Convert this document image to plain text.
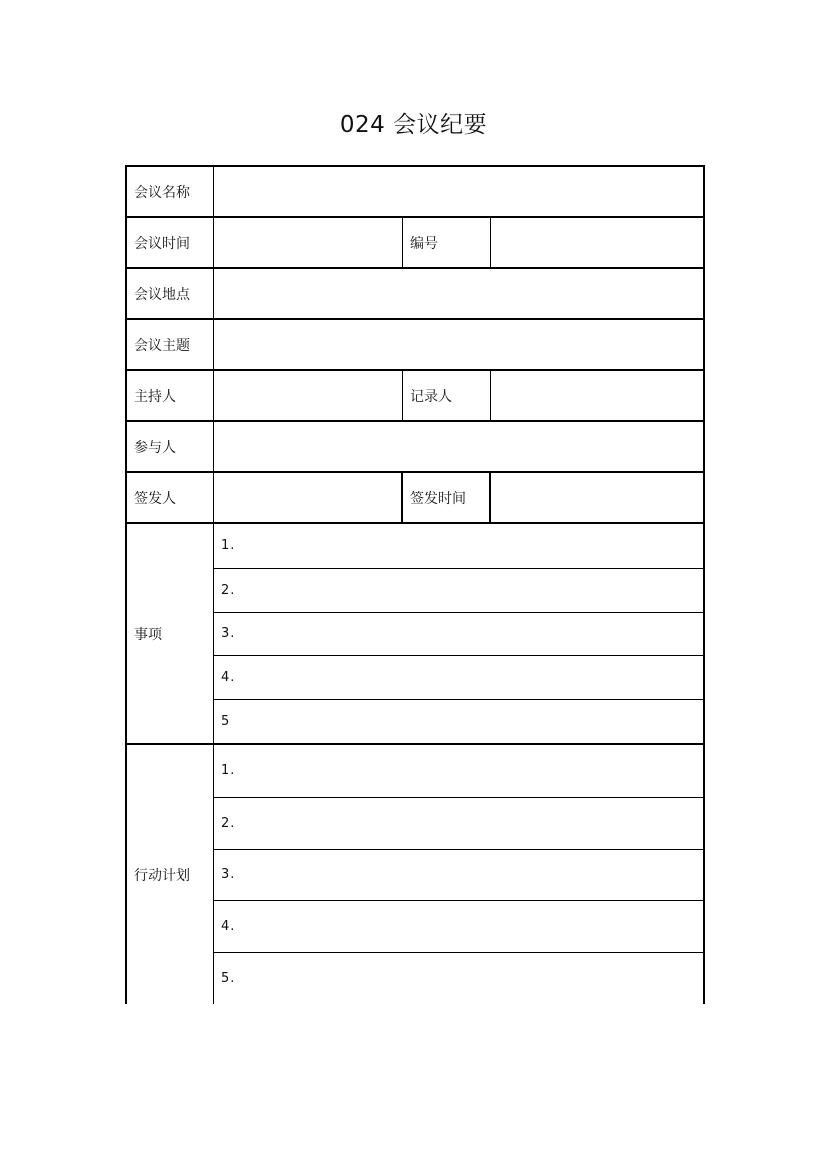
024 会议纪要
会议名称
会议时间	编号
会议地点
会议主题
主持人	记录人
参与人
签发人	签发时间
事项
1.
2.
3.
4.
5
行动计划
1.
2.
3.
4.
5.
